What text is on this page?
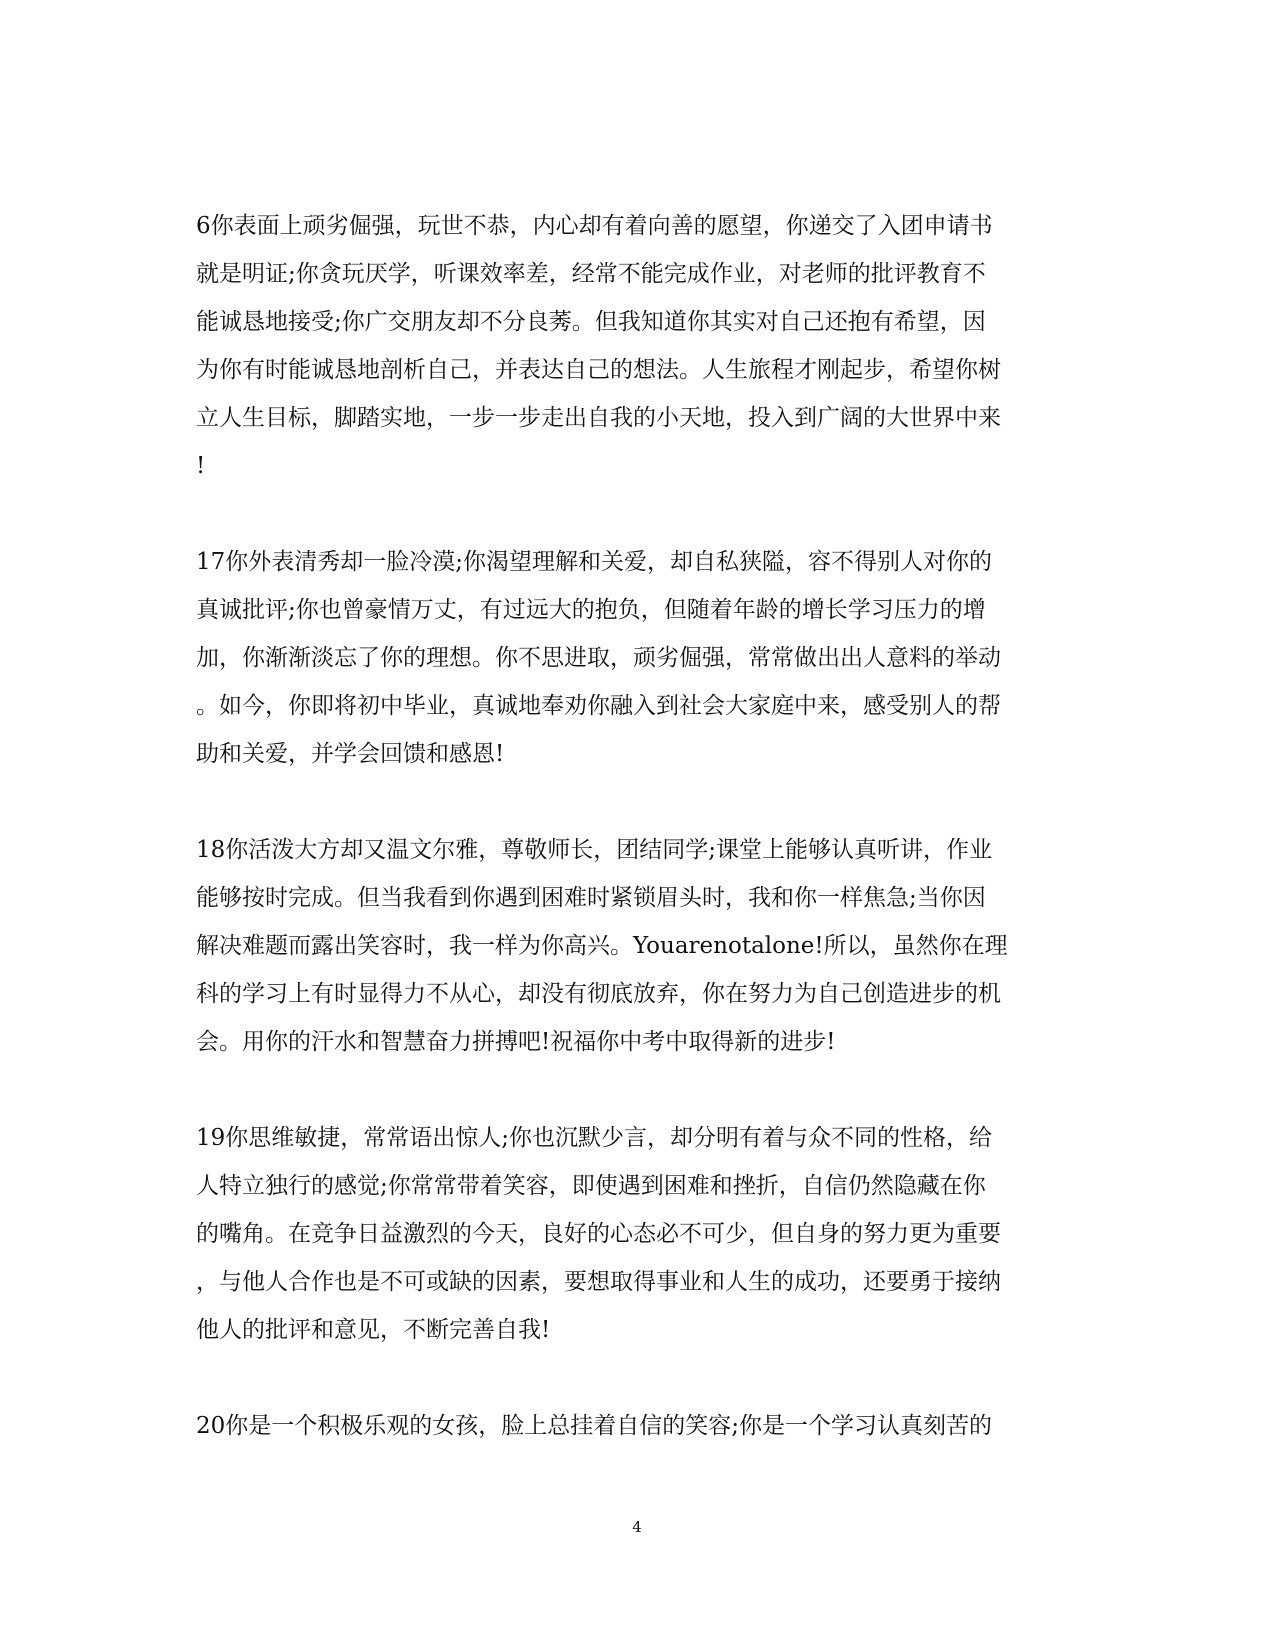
6你表面上顽劣倔强，玩世不恭，内心却有着向善的愿望，你递交了入团申请书
就是明证;你贪玩厌学，听课效率差，经常不能完成作业，对老师的批评教育不
能诚恳地接受;你广交朋友却不分良莠。但我知道你其实对自己还抱有希望，因
为你有时能诚恳地剖析自己，并表达自己的想法。人生旅程才刚起步，希望你树
立人生目标，脚踏实地，一步一步走出自我的小天地，投入到广阔的大世界中来
!
17你外表清秀却一脸冷漠;你渴望理解和关爱，却自私狭隘，容不得别人对你的
真诚批评;你也曾豪情万丈，有过远大的抱负，但随着年龄的增长学习压力的增
加，你渐渐淡忘了你的理想。你不思进取，顽劣倔强，常常做出出人意料的举动
。如今，你即将初中毕业，真诚地奉劝你融入到社会大家庭中来，感受别人的帮
助和关爱，并学会回馈和感恩!
18你活泼大方却又温文尔雅，尊敬师长，团结同学;课堂上能够认真听讲，作业
能够按时完成。但当我看到你遇到困难时紧锁眉头时，我和你一样焦急;当你因
解决难题而露出笑容时，我一样为你高兴。Youarenotalone!所以，虽然你在理
科的学习上有时显得力不从心，却没有彻底放弃，你在努力为自己创造进步的机
会。用你的汗水和智慧奋力拼搏吧!祝福你中考中取得新的进步!
19你思维敏捷，常常语出惊人;你也沉默少言，却分明有着与众不同的性格，给
人特立独行的感觉;你常常带着笑容，即使遇到困难和挫折，自信仍然隐藏在你
的嘴角。在竞争日益激烈的今天，良好的心态必不可少，但自身的努力更为重要
，与他人合作也是不可或缺的因素，要想取得事业和人生的成功，还要勇于接纳
他人的批评和意见，不断完善自我!
20你是一个积极乐观的女孩，脸上总挂着自信的笑容;你是一个学习认真刻苦的
4
